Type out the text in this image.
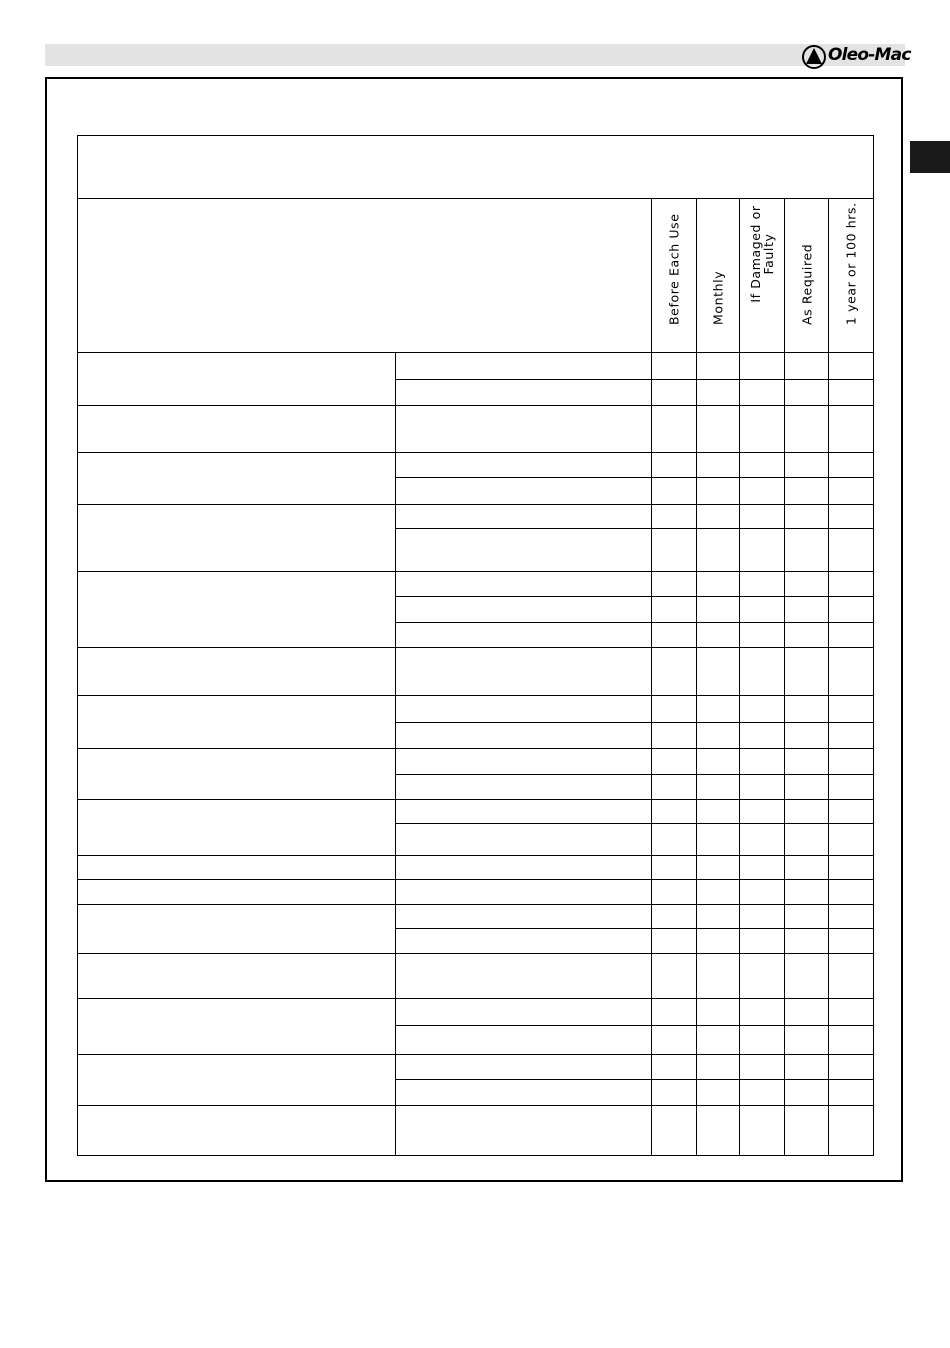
Oleo-Mac

		Before Each Use	Monthly	If Damaged or Faulty	As Required	1 year or 100 hrs.
